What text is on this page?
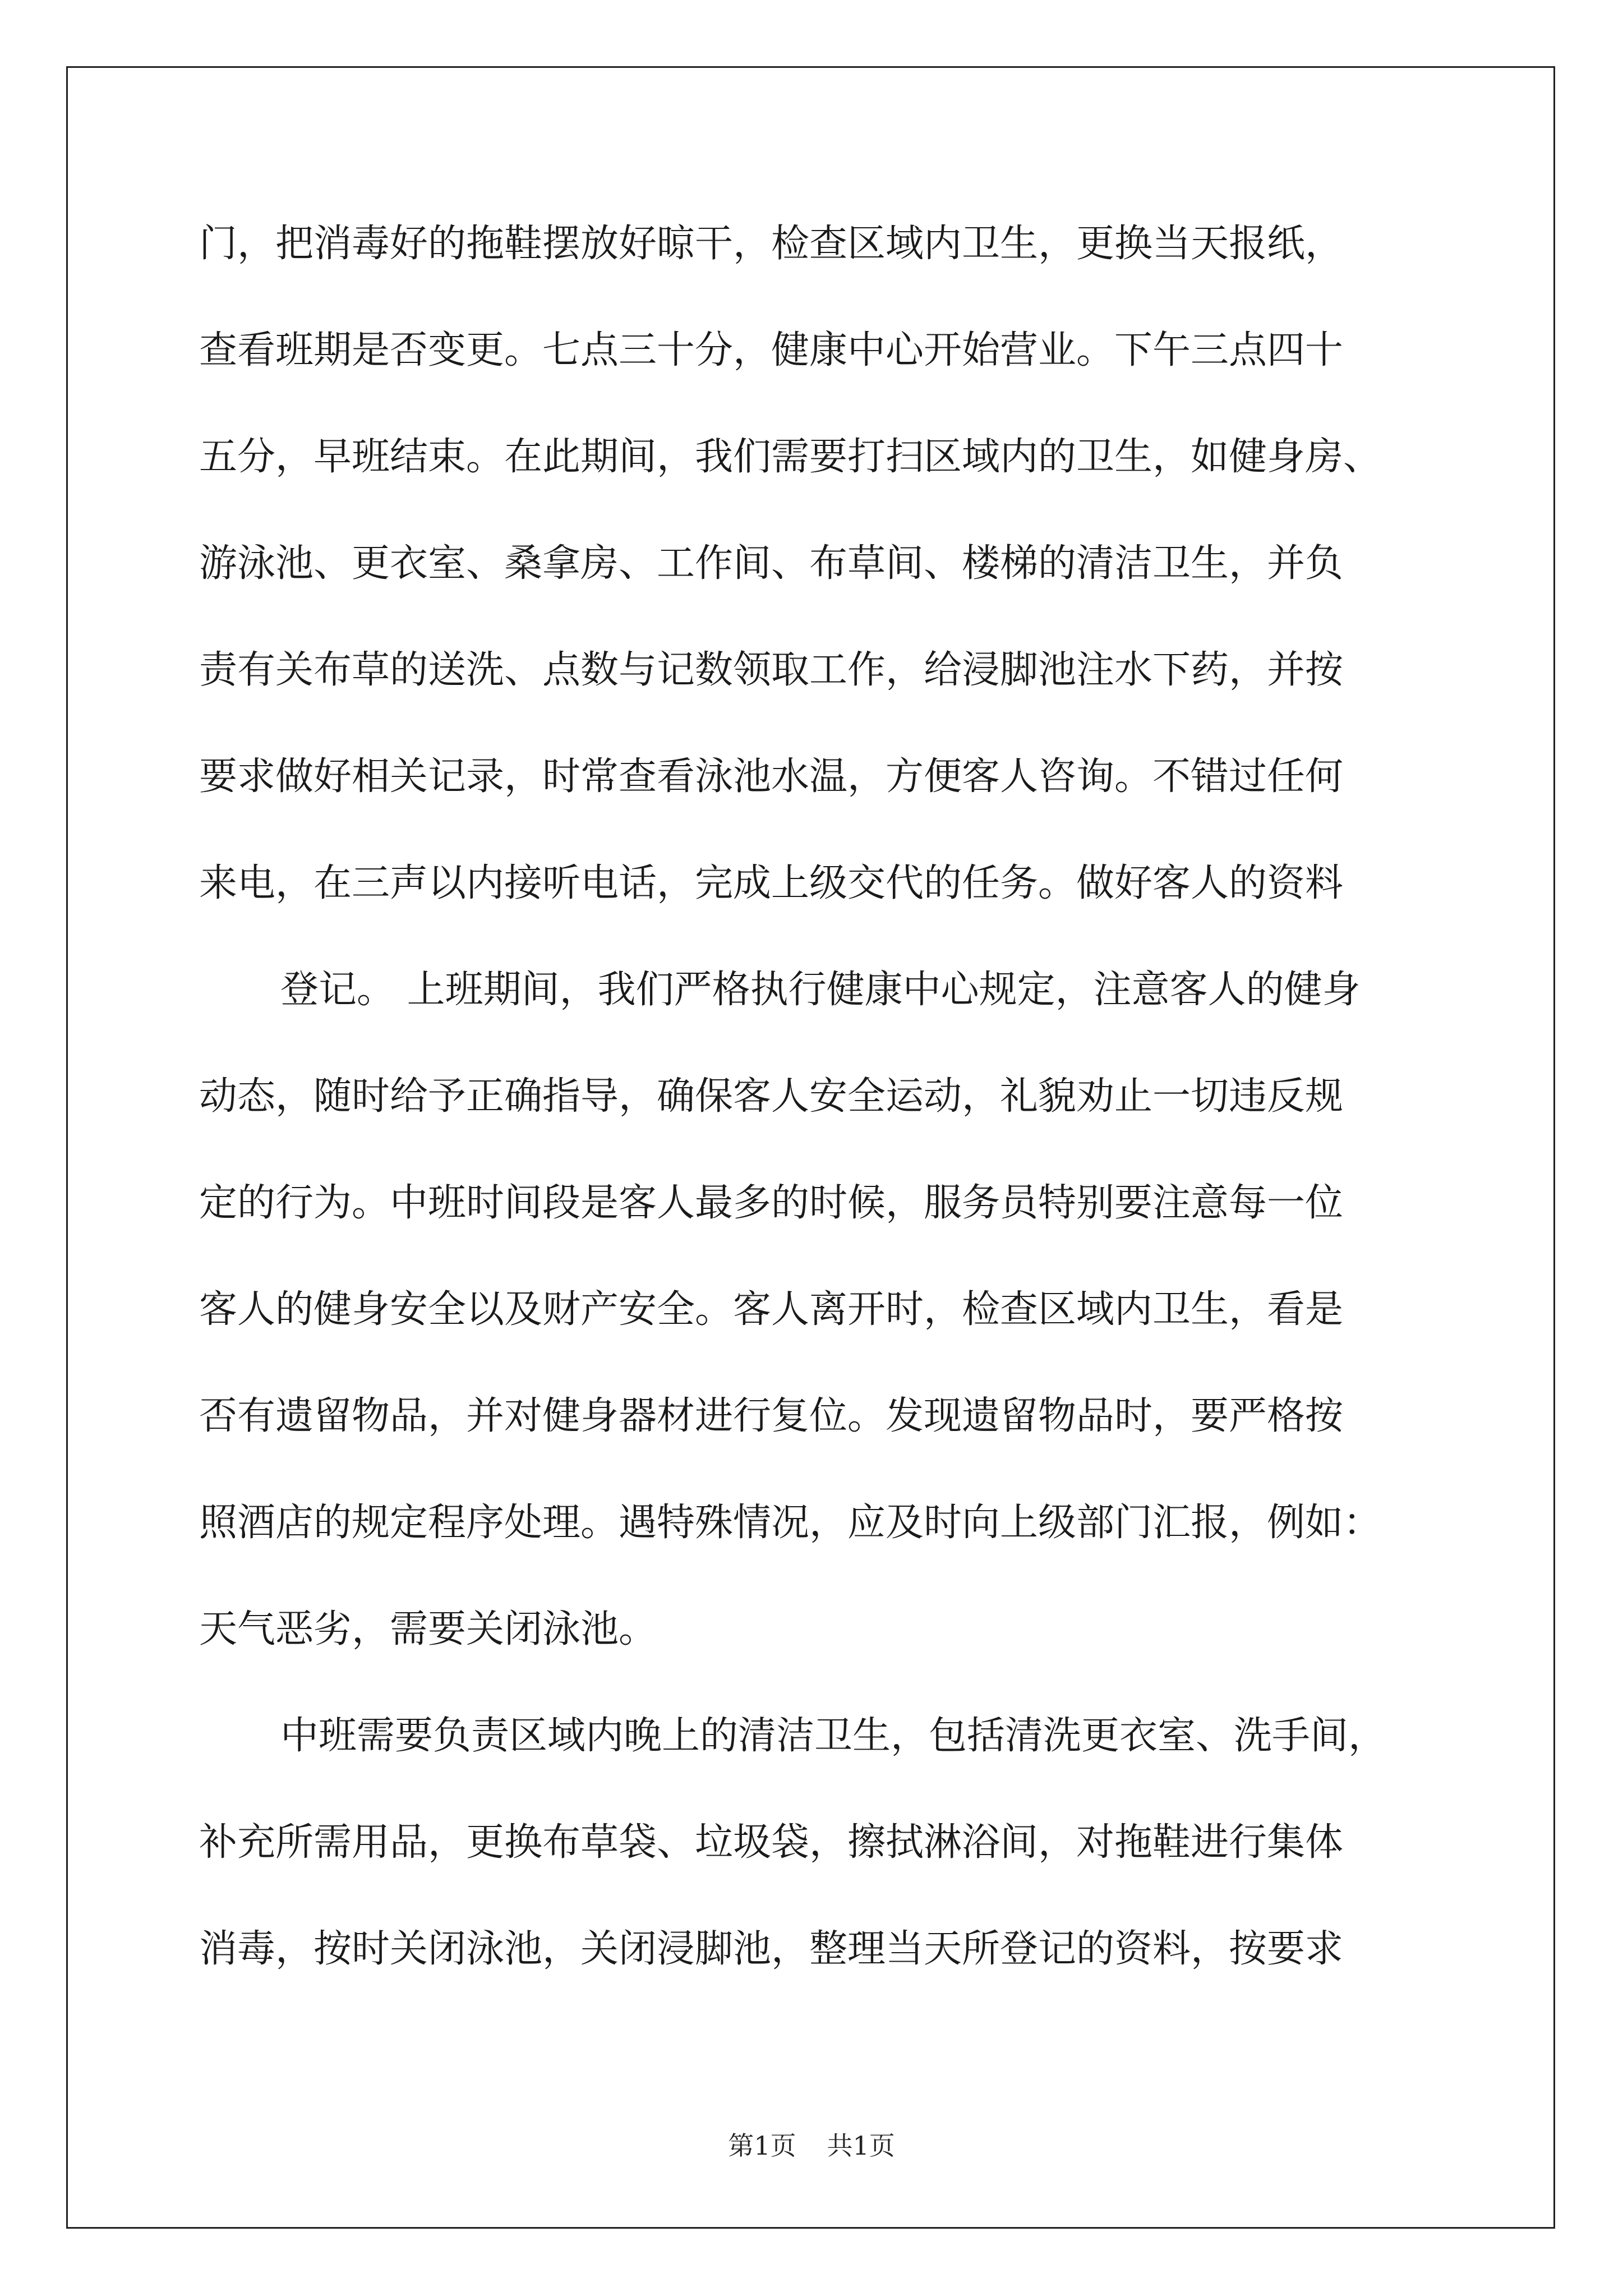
门，把消毒好的拖鞋摆放好晾干，检查区域内卫生，更换当天报纸，
查看班期是否变更。七点三十分，健康中心开始营业。下午三点四十
五分，早班结束。在此期间，我们需要打扫区域内的卫生，如健身房、
游泳池、更衣室、桑拿房、工作间、布草间、楼梯的清洁卫生，并负
责有关布草的送洗、点数与记数领取工作，给浸脚池注水下药，并按
要求做好相关记录，时常查看泳池水温，方便客人咨询。不错过任何
来电，在三声以内接听电话，完成上级交代的任务。做好客人的资料
登记。 上班期间，我们严格执行健康中心规定，注意客人的健身
动态，随时给予正确指导，确保客人安全运动，礼貌劝止一切违反规
定的行为。中班时间段是客人最多的时候，服务员特别要注意每一位
客人的健身安全以及财产安全。客人离开时，检查区域内卫生，看是
否有遗留物品，并对健身器材进行复位。发现遗留物品时，要严格按
照酒店的规定程序处理。遇特殊情况，应及时向上级部门汇报，例如：
天气恶劣，需要关闭泳池。
中班需要负责区域内晚上的清洁卫生，包括清洗更衣室、洗手间，
补充所需用品，更换布草袋、垃圾袋，擦拭淋浴间，对拖鞋进行集体
消毒，按时关闭泳池，关闭浸脚池，整理当天所登记的资料，按要求
第1页 共1页
